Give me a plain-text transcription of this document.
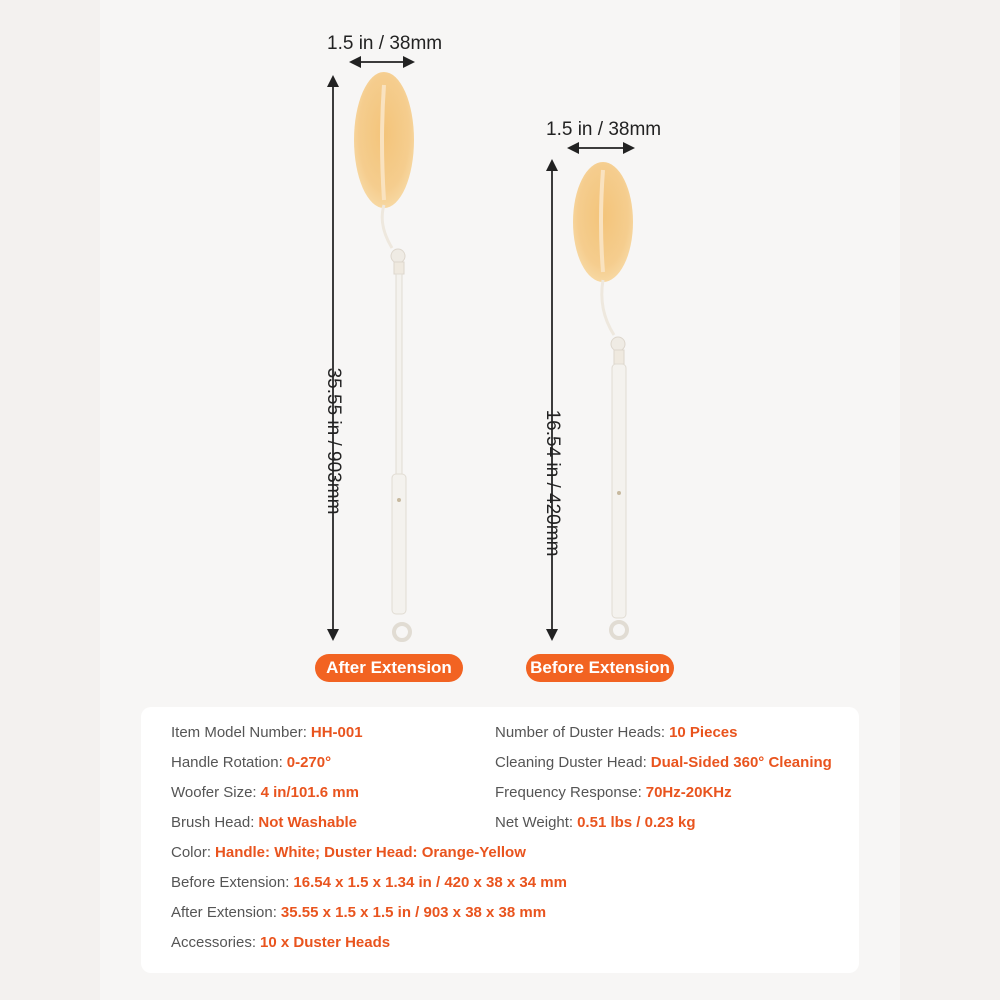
1.5 in / 38mm
35.55 in / 903mm
1.5 in / 38mm
16.54 in / 420mm
After Extension	Before Extension
Item Model Number: HH-001
Handle Rotation: 0-270°
Woofer Size: 4 in/101.6 mm
Brush Head: Not Washable
Number of Duster Heads: 10 Pieces
Cleaning Duster Head: Dual-Sided 360° Cleaning
Frequency Response: 70Hz-20KHz
Net Weight: 0.51 lbs / 0.23 kg
Color: Handle: White; Duster Head: Orange-Yellow
Before Extension: 16.54 x 1.5 x 1.34 in / 420 x 38 x 34 mm
After Extension: 35.55 x 1.5 x 1.5 in / 903 x 38 x 38 mm
Accessories: 10 x Duster Heads
